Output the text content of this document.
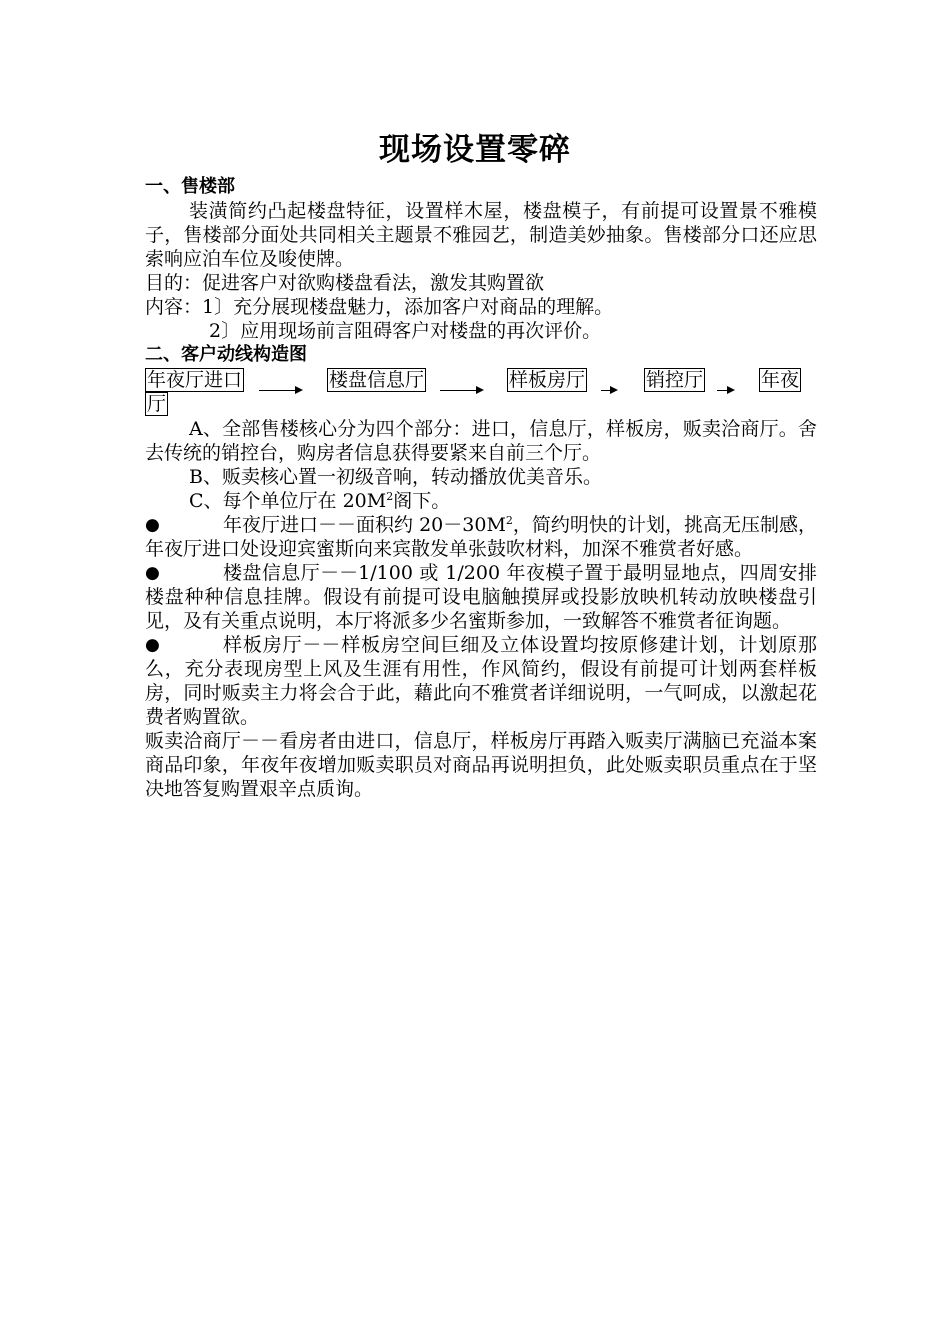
现场设置零碎
一、售楼部

装潢简约凸起楼盘特征，设置样木屋，楼盘模子，有前提可设置景不雅模子，售楼部分面处共同相关主题景不雅园艺，制造美妙抽象。售楼部分口还应思索响应泊车位及唆使牌。

目的：促进客户对欲购楼盘看法，激发其购置欲

内容：1〕充分展现楼盘魅力，添加客户对商品的理解。

2〕应用现场前言阻碍客户对楼盘的再次评价。

二、客户动线构造图
年夜厅进口	楼盘信息厅	样板房厅	销控厅	年夜
厅

A、全部售楼核心分为四个部分：进口，信息厅，样板房，贩卖洽商厅。舍去传统的销控台，购房者信息获得要紧来自前三个厅。

B、贩卖核心置一初级音响，转动播放优美音乐。

C、每个单位厅在 $20M^2$阁下。

●	年夜厅进口－－面积约 $20-30M^2$，简约明快的计划，挑高无压制感，年夜厅进口处设迎宾蜜斯向来宾散发单张鼓吹材料，加深不雅赏者好感。
●	楼盘信息厅－－1/100 或 1/200 年夜模子置于最明显地点，四周安排楼盘种种信息挂牌。假设有前提可设电脑触摸屏或投影放映机转动放映楼盘引见，及有关重点说明，本厅将派多少名蜜斯参加，一致解答不雅赏者征询题。
●	样板房厅－－样板房空间巨细及立体设置均按原修建计划，计划原那么，充分表现房型上风及生涯有用性，作风简约，假设有前提可计划两套样板房，同时贩卖主力将会合于此，藉此向不雅赏者详细说明，一气呵成，以激起花费者购置欲。

贩卖洽商厅－－看房者由进口，信息厅，样板房厅再踏入贩卖厅满脑已充溢本案商品印象，年夜年夜增加贩卖职员对商品再说明担负，此处贩卖职员重点在于坚决地答复购置艰辛点质询。
